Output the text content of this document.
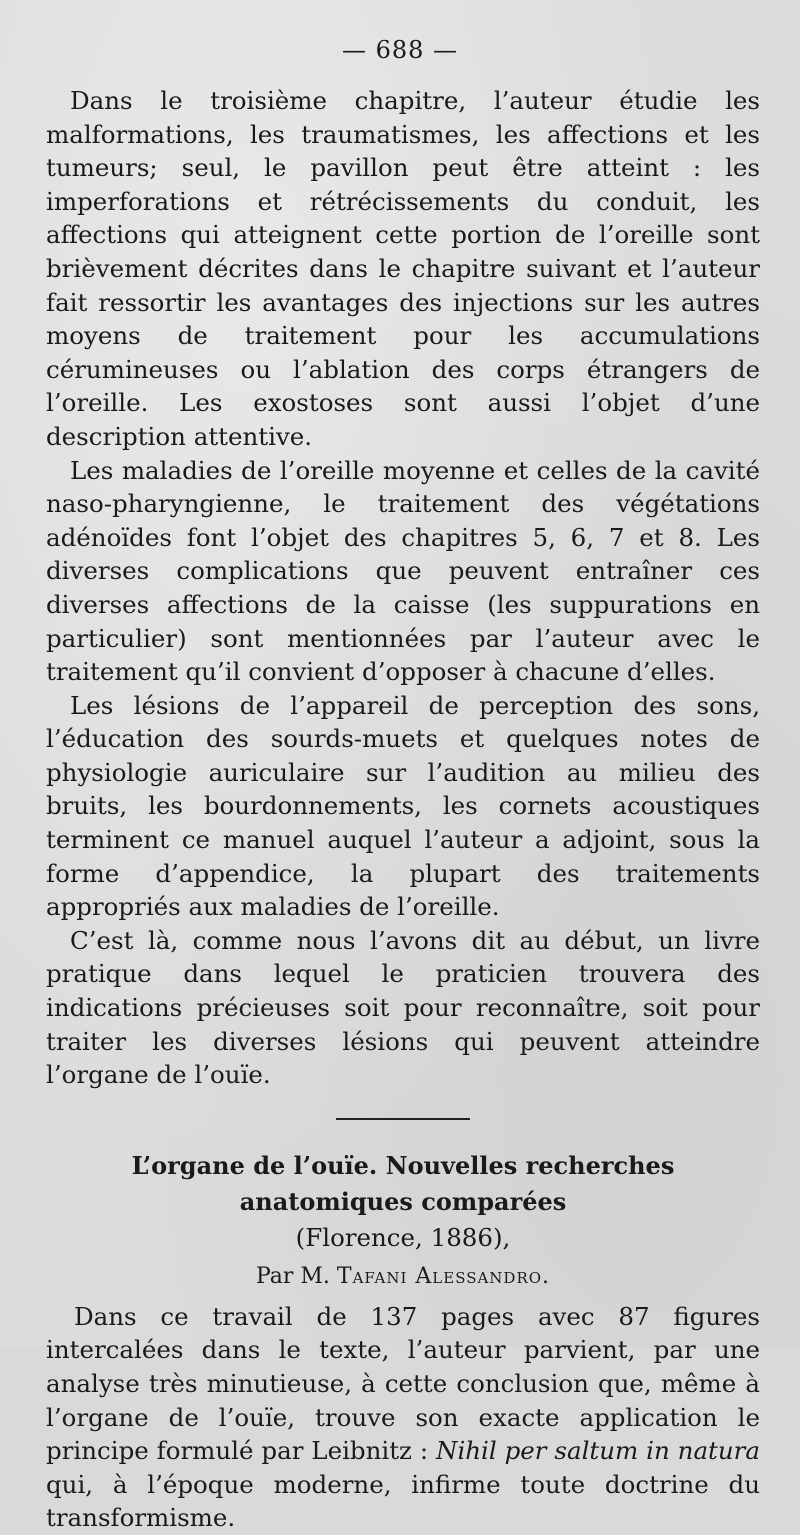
— 688 —

Dans le troisième chapitre, l’auteur étudie les malformations, les traumatismes, les affections et les tumeurs; seul, le pavillon peut être atteint : les imperforations et rétrécissements du conduit, les affections qui atteignent cette portion de l’oreille sont brièvement décrites dans le chapitre suivant et l’auteur fait ressortir les avantages des injections sur les autres moyens de traitement pour les accumulations cérumineuses ou l’ablation des corps étrangers de l’oreille. Les exostoses sont aussi l’objet d’une description attentive.

Les maladies de l’oreille moyenne et celles de la cavité naso-pharyngienne, le traitement des végétations adénoïdes font l’objet des chapitres 5, 6, 7 et 8. Les diverses complications que peuvent entraîner ces diverses affections de la caisse (les suppurations en particulier) sont mentionnées par l’auteur avec le traitement qu’il convient d’opposer à chacune d’elles.

Les lésions de l’appareil de perception des sons, l’éducation des sourds-muets et quelques notes de physiologie auriculaire sur l’audition au milieu des bruits, les bourdonnements, les cornets acoustiques terminent ce manuel auquel l’auteur a adjoint, sous la forme d’appendice, la plupart des traitements appropriés aux maladies de l’oreille.

C’est là, comme nous l’avons dit au début, un livre pratique dans lequel le praticien trouvera des indications précieuses soit pour reconnaître, soit pour traiter les diverses lésions qui peuvent atteindre l’organe de l’ouïe.

L’organe de l’ouïe. Nouvelles recherches anatomiques comparées
(Florence, 1886),
Par M. Tafani Alessandro.

Dans ce travail de 137 pages avec 87 figures intercalées dans le texte, l’auteur parvient, par une analyse très minutieuse, à cette conclusion que, même à l’organe de l’ouïe, trouve son exacte application le principe formulé par Leibnitz : Nihil per saltum in natura qui, à l’époque moderne, infirme toute doctrine du transformisme.
